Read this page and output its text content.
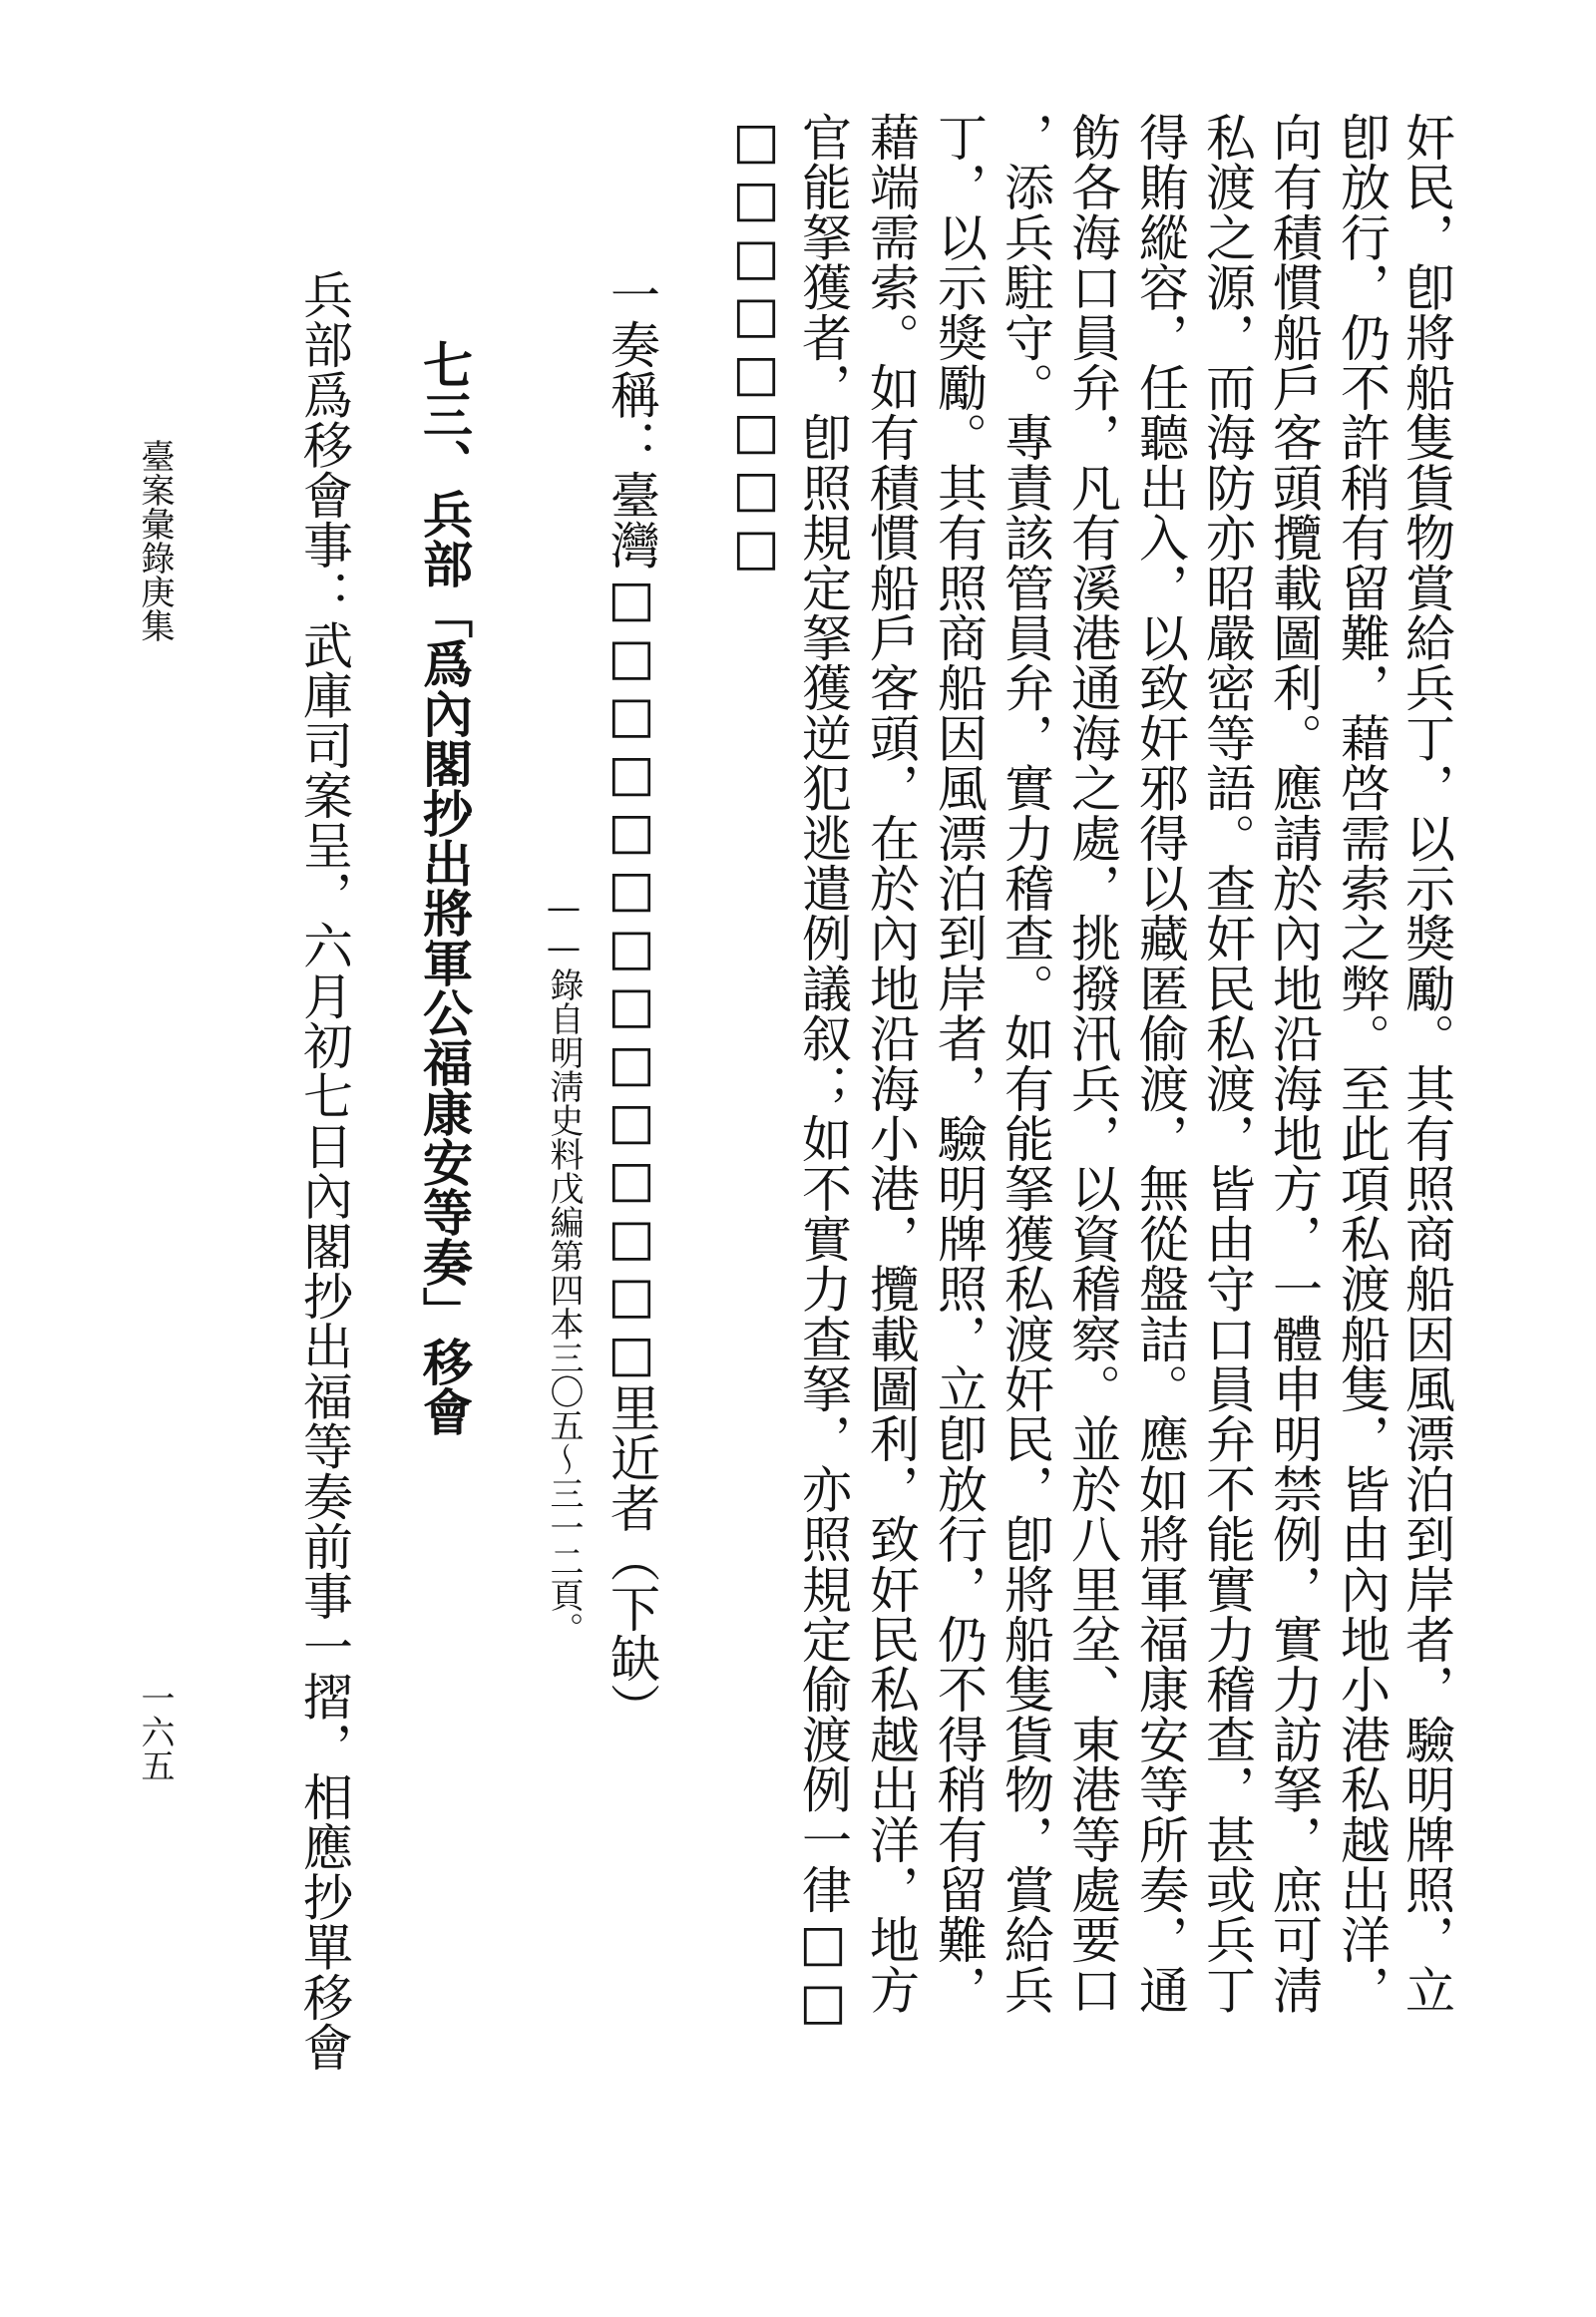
奸民，卽將船隻貨物賞給兵丁，以示獎勵。其有照商船因風漂泊到岸者，驗明牌照，立

卽放行，仍不許稍有留難，藉啓需索之弊。至此項私渡船隻，皆由內地小港私越出洋，

向有積慣船戶客頭攬載圖利。應請於內地沿海地方，一體申明禁例，實力訪拏，庶可淸

私渡之源，而海防亦昭嚴密等語。查奸民私渡，皆由守口員弁不能實力稽查，甚或兵丁

得賄縱容，任聽出入，以致奸邪得以藏匿偷渡，無從盤詰。應如將軍福康安等所奏，通

飭各海口員弁，凡有溪港通海之處，挑撥汛兵，以資稽察。並於八里坌、東港等處要口

，添兵駐守。專責該管員弁，實力稽查。如有能拏獲私渡奸民，卽將船隻貨物，賞給兵

丁，以示獎勵。其有照商船因風漂泊到岸者，驗明牌照，立卽放行，仍不得稍有留難，

藉端需索。如有積慣船戶客頭，在於內地沿海小港，攬載圖利，致奸民私越出洋，地方

官能拏獲者，卽照規定拏獲逆犯逃遣例議叙；如不實力查拏，亦照規定偷渡例一律□□

□□□□□□□□

一奏稱：臺灣□□□□□□□□□□□□□□里近者（下缺）

——錄自明淸史料戊編第四本三〇五～三一二頁。

七三、兵部「爲內閣抄出將軍公福康安等奏」移會

兵部爲移會事：武庫司案呈，六月初七日內閣抄出福等奏前事一摺，相應抄單移會

臺案彙錄庚集

一六五
